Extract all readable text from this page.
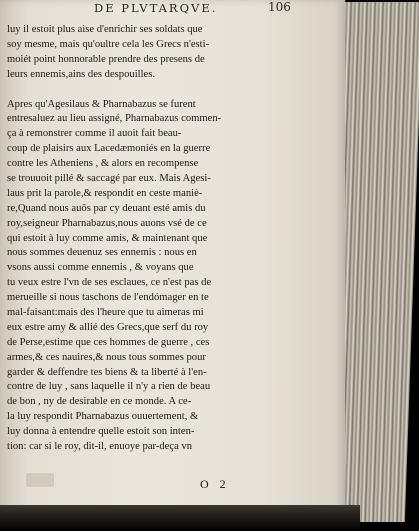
DE PLVTARQVE.	106
luy il estoit plus aise d'enrichir ses soldats que
soy mesme, mais qu'oultre cela les Grecs n'esti-
moiét point honnorable prendre des presens de
leurs ennemis,ains des despouilles.
Apres qu'Agesilaus & Pharnabazus se furent
entresaluez au lieu assigné, Pharnabazus commen-
ça à remonstrer comme il auoit fait beau-
coup de plaisirs aux Lacedæmoniés en la guerre
contre les Atheniens , & alors en recompense
se trouuoit pillé & saccagé par eux. Mais Agesi-
laus prit la parole,& respondit en ceste maniè-
re,Quand nous auōs par cy deuant esté amis du
roy,seigneur Pharnabazus,nous auons vsé de ce
qui estoit à luy comme amis, & maintenant que
nous sommes deuenuz ses ennemis : nous en
vsons aussi comme ennemis , & voyans que
tu veux estre l'vn de ses esclaues, ce n'est pas de
merueille si nous taschons de l'endómager en te
mal-faisant:mais des l'heure que tu aimeras mi
eux estre amy & allié des Grecs,que serf du roy
de Perse,estime que ces hommes de guerre , ces
armes,& ces nauires,& nous tous sommes pour
garder & deffendre tes biens & ta liberté à l'en-
contre de luy , sans laquelle il n'y a rien de beau
de bon , ny de desirable en ce monde. A ce-
la luy respondit Pharnabazus ouuertement, &
luy donna à entendre quelle estoit son inten-
tion: car si le roy, dit-il, enuoye par-deça vn
O 2
